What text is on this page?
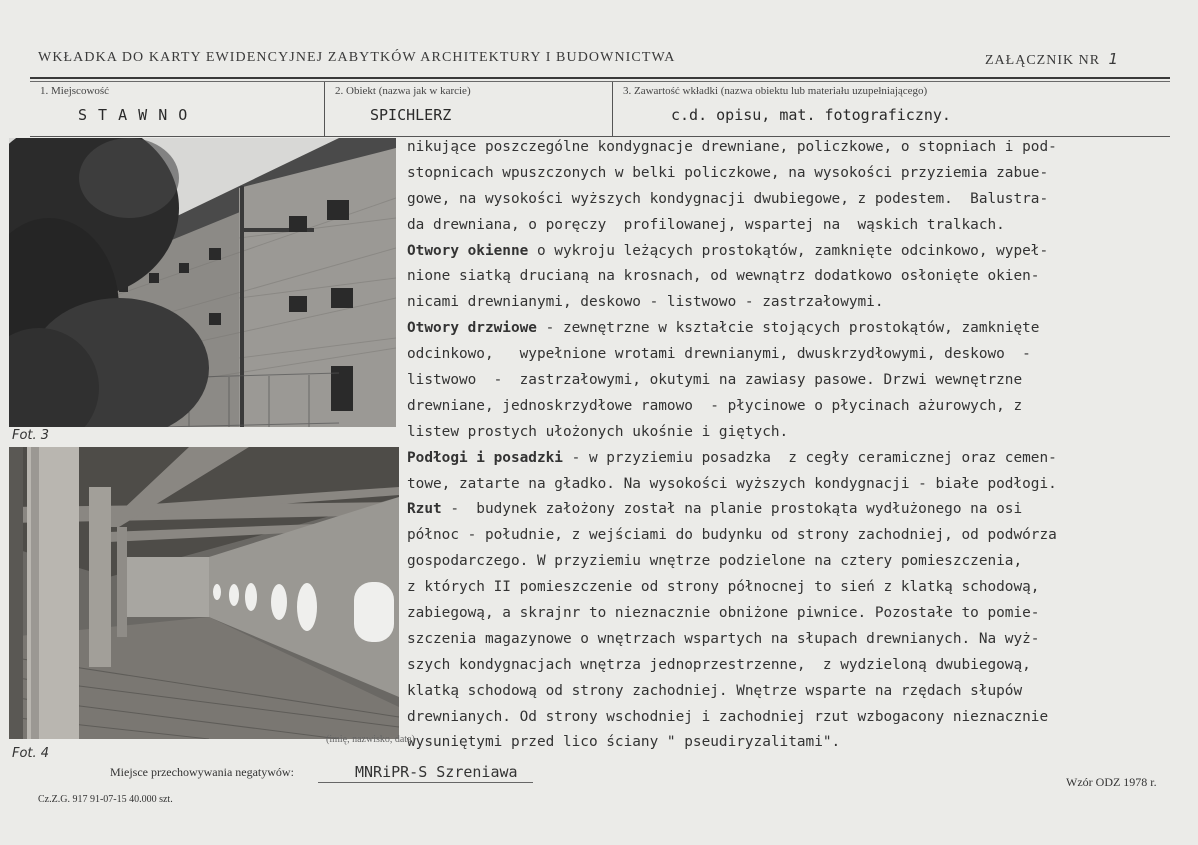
WKŁADKA DO KARTY EWIDENCYJNEJ ZABYTKÓW ARCHITEKTURY I BUDOWNICTWA	ZAŁĄCZNIK NR 1
1. Miejscowość
S T A W N O
2. Obiekt (nazwa jak w karcie)
SPICHLERZ
3. Zawartość wkładki (nazwa obiektu lub materiału uzupełniającego)
c.d. opisu, mat. fotograficzny.
Fot. 3
Fot. 4
nikujące poszczególne kondygnacje drewniane, policzkowe, o stopniach i pod-
stopnicach wpuszczonych w belki policzkowe, na wysokości przyziemia zabue-
gowe, na wysokości wyższych kondygnacji dwubiegowe, z podestem.  Balustra-
da drewniana, o poręczy  profilowanej, wspartej na  wąskich tralkach.
Otwory okienne o wykroju leżących prostokątów, zamknięte odcinkowo, wypeł-
nione siatką drucianą na krosnach, od wewnątrz dodatkowo osłonięte okien-
nicami drewnianymi, deskowo - listwowo - zastrzałowymi.
Otwory drzwiowe - zewnętrzne w kształcie stojących prostokątów, zamknięte
odcinkowo,   wypełnione wrotami drewnianymi, dwuskrzydłowymi, deskowo  -
listwowo  -  zastrzałowymi, okutymi na zawiasy pasowe. Drzwi wewnętrzne
drewniane, jednoskrzydłowe ramowo  - płycinowe o płycinach ażurowych, z
listew prostych ułożonych ukośnie i giętych.
Podłogi i posadzki - w przyziemiu posadzka  z cegły ceramicznej oraz cemen-
towe, zatarte na gładko. Na wysokości wyższych kondygnacji - białe podłogi.
Rzut -  budynek założony został na planie prostokąta wydłużonego na osi
północ - południe, z wejściami do budynku od strony zachodniej, od podwórza
gospodarczego. W przyziemiu wnętrze podzielone na cztery pomieszczenia,
z których II pomieszczenie od strony północnej to sień z klatką schodową,
zabiegową, a skrajnr to nieznacznie obniżone piwnice. Pozostałe to pomie-
szczenia magazynowe o wnętrzach wspartych na słupach drewnianych. Na wyż-
szych kondygnacjach wnętrza jednoprzestrzenne,  z wydzieloną dwubiegową,
klatką schodową od strony zachodniej. Wnętrze wsparte na rzędach słupów
drewnianych. Od strony wschodniej i zachodniej rzut wzbogacony nieznacznie
wysuniętymi przed lico ściany " pseudiryzalitami".
(imię, nazwisko, data)
Miejsce przechowywania negatywów:	MNRiPR-S Szreniawa
Cz.Z.G. 917 91-07-15 40.000 szt.
Wzór ODZ 1978 r.
